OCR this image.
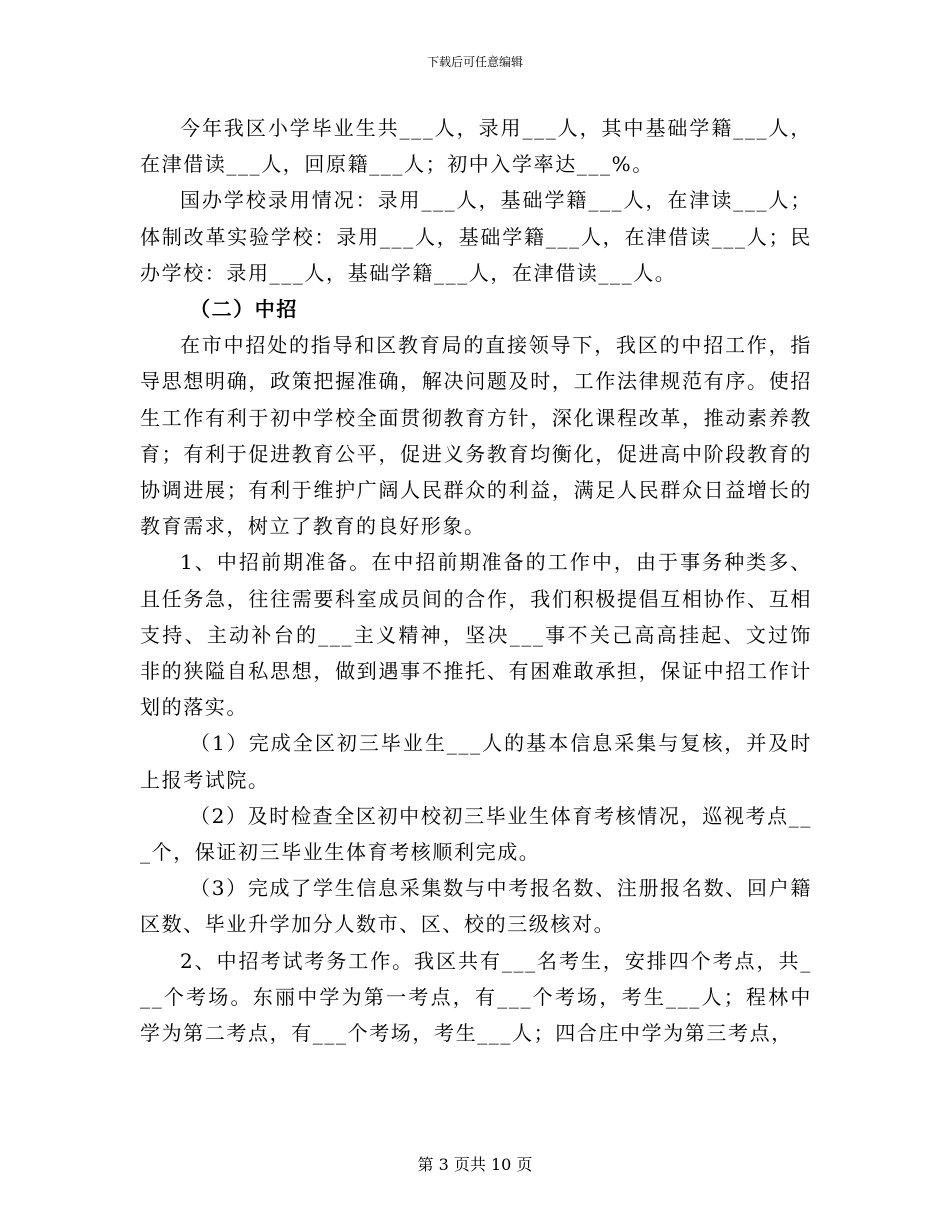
下载后可任意编辑

今年我区小学毕业生共___人，录用___人，其中基础学籍___人，在津借读___人，回原籍___人；初中入学率达___%。

国办学校录用情况：录用___人，基础学籍___人，在津读___人；体制改革实验学校：录用___人，基础学籍___人，在津借读___人；民办学校：录用___人，基础学籍___人，在津借读___人。

（二）中招

在市中招处的指导和区教育局的直接领导下，我区的中招工作，指导思想明确，政策把握准确，解决问题及时，工作法律规范有序。使招生工作有利于初中学校全面贯彻教育方针，深化课程改革，推动素养教育；有利于促进教育公平，促进义务教育均衡化，促进高中阶段教育的协调进展；有利于维护广阔人民群众的利益，满足人民群众日益增长的教育需求，树立了教育的良好形象。

1、中招前期准备。在中招前期准备的工作中，由于事务种类多、且任务急，往往需要科室成员间的合作，我们积极提倡互相协作、互相支持、主动补台的___主义精神，坚决___事不关己高高挂起、文过饰非的狭隘自私思想，做到遇事不推托、有困难敢承担，保证中招工作计划的落实。

（1）完成全区初三毕业生___人的基本信息采集与复核，并及时上报考试院。

（2）及时检查全区初中校初三毕业生体育考核情况，巡视考点___个，保证初三毕业生体育考核顺利完成。

（3）完成了学生信息采集数与中考报名数、注册报名数、回户籍区数、毕业升学加分人数市、区、校的三级核对。

2、中招考试考务工作。我区共有___名考生，安排四个考点，共___个考场。东丽中学为第一考点，有___个考场，考生___人；程林中学为第二考点，有___个考场，考生___人；四合庄中学为第三考点，

第 3 页共 10 页
